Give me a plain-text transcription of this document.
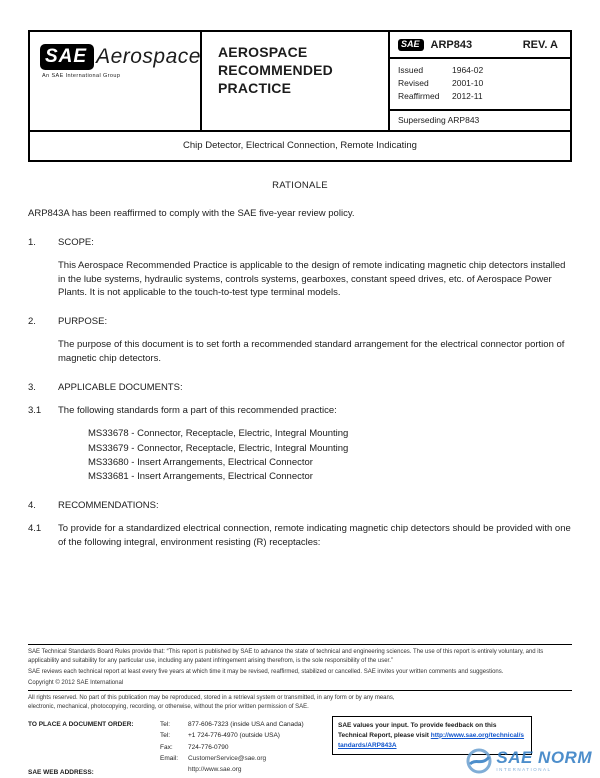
SAE Aerospace
An SAE International Group
AEROSPACE RECOMMENDED PRACTICE
SAE	ARP843	REV. A
Issued	1964-02
Revised	2001-10
Reaffirmed	2012-11
Superseding ARP843
Chip Detector, Electrical Connection, Remote Indicating
RATIONALE
ARP843A has been reaffirmed to comply with the SAE five-year review policy.
1.	SCOPE:
This Aerospace Recommended Practice is applicable to the design of remote indicating magnetic chip detectors installed in the lube systems, hydraulic systems, controls systems, gearboxes, constant speed drives, etc. of Aerospace Power Plants. It is not applicable to the touch-to-test type terminal models.
2.	PURPOSE:
The purpose of this document is to set forth a recommended standard arrangement for the electrical connector portion of magnetic chip detectors.
3.	APPLICABLE DOCUMENTS:
3.1	The following standards form a part of this recommended practice:
MS33678 - Connector, Receptacle, Electric, Integral Mounting
MS33679 - Connector, Receptacle, Electric, Integral Mounting
MS33680 - Insert Arrangements, Electrical Connector
MS33681 - Insert Arrangements, Electrical Connector
4.	RECOMMENDATIONS:
4.1	To provide for a standardized electrical connection, remote indicating magnetic chip detectors should be provided with one of the following integral, environment resisting (R) receptacles:
SAE Technical Standards Board Rules provide that: “This report is published by SAE to advance the state of technical and engineering sciences. The use of this report is entirely voluntary, and its applicability and suitability for any particular use, including any patent infringement arising therefrom, is the sole responsibility of the user.”
SAE reviews each technical report at least every five years at which time it may be revised, reaffirmed, stabilized or cancelled. SAE invites your written comments and suggestions.
Copyright © 2012 SAE International
All rights reserved. No part of this publication may be reproduced, stored in a retrieval system or transmitted, in any form or by any means, electronic, mechanical, photocopying, recording, or otherwise, without the prior written permission of SAE.
TO PLACE A DOCUMENT ORDER:	Tel:	877-606-7323 (inside USA and Canada)
Tel:	+1 724-776-4970 (outside USA)
Fax:	724-776-0790
Email:	CustomerService@sae.org
SAE WEB ADDRESS:	http://www.sae.org
SAE values your input. To provide feedback on this Technical Report, please visit http://www.sae.org/technical/standards/ARP843A
SAE NORM
INTERNATIONAL
